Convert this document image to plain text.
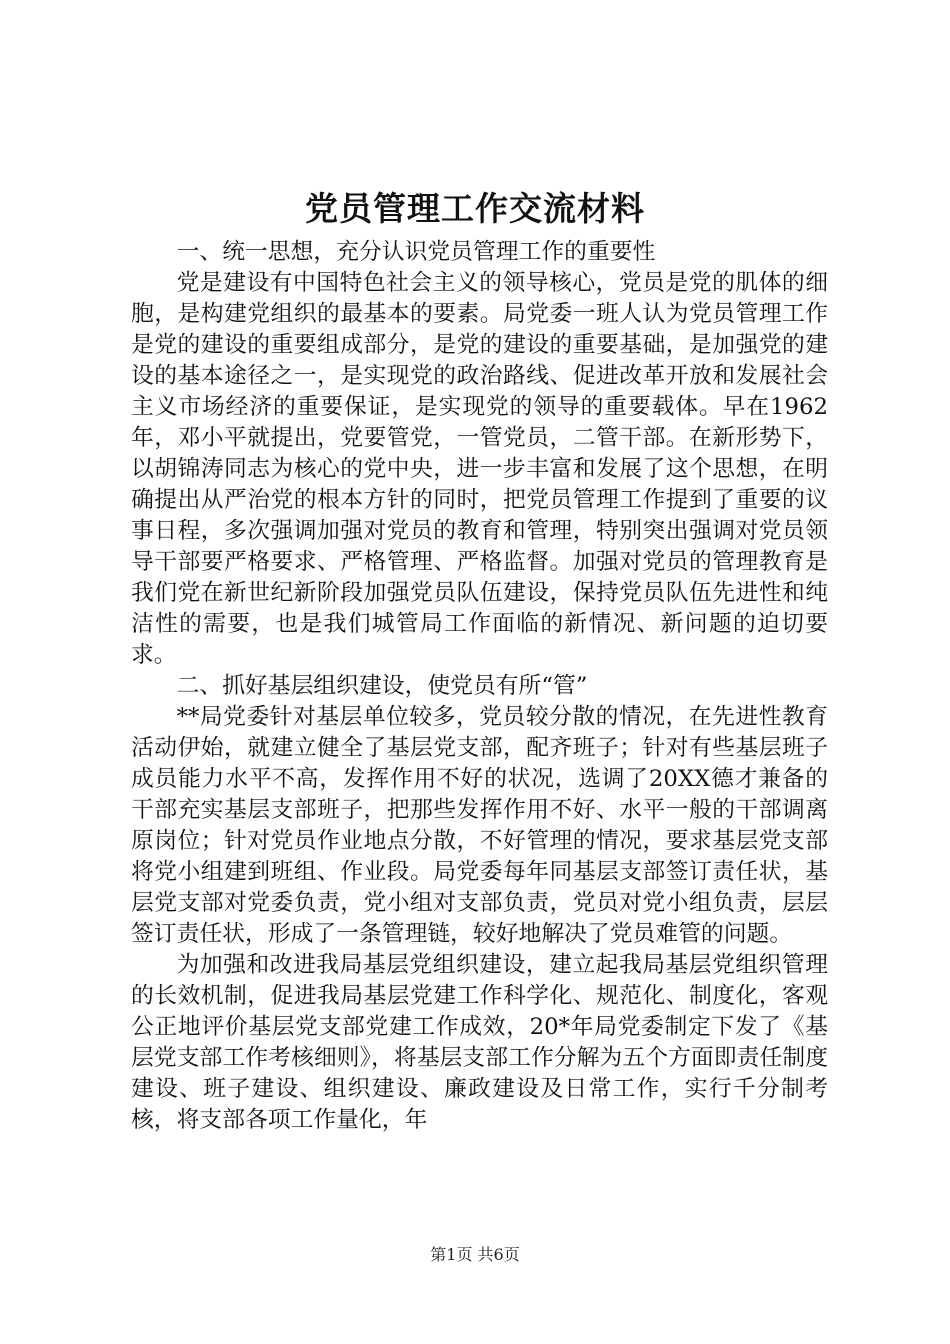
党员管理工作交流材料

一、统一思想，充分认识党员管理工作的重要性

党是建设有中国特色社会主义的领导核心，党员是党的肌体的细胞，是构建党组织的最基本的要素。局党委一班人认为党员管理工作是党的建设的重要组成部分，是党的建设的重要基础，是加强党的建设的基本途径之一，是实现党的政治路线、促进改革开放和发展社会主义市场经济的重要保证，是实现党的领导的重要载体。早在1962年，邓小平就提出，党要管党，一管党员，二管干部。在新形势下，以胡锦涛同志为核心的党中央，进一步丰富和发展了这个思想，在明确提出从严治党的根本方针的同时，把党员管理工作提到了重要的议事日程，多次强调加强对党员的教育和管理，特别突出强调对党员领导干部要严格要求、严格管理、严格监督。加强对党员的管理教育是我们党在新世纪新阶段加强党员队伍建设，保持党员队伍先进性和纯洁性的需要，也是我们城管局工作面临的新情况、新问题的迫切要求。

二、抓好基层组织建设，使党员有所“管”

**局党委针对基层单位较多，党员较分散的情况，在先进性教育活动伊始，就建立健全了基层党支部，配齐班子；针对有些基层班子成员能力水平不高，发挥作用不好的状况，选调了20XX德才兼备的干部充实基层支部班子，把那些发挥作用不好、水平一般的干部调离原岗位；针对党员作业地点分散，不好管理的情况，要求基层党支部将党小组建到班组、作业段。局党委每年同基层支部签订责任状，基层党支部对党委负责，党小组对支部负责，党员对党小组负责，层层签订责任状，形成了一条管理链，较好地解决了党员难管的问题。

为加强和改进我局基层党组织建设，建立起我局基层党组织管理的长效机制，促进我局基层党建工作科学化、规范化、制度化，客观公正地评价基层党支部党建工作成效，20*年局党委制定下发了《基层党支部工作考核细则》，将基层支部工作分解为五个方面即责任制度建设、班子建设、组织建设、廉政建设及日常工作，实行千分制考核，将支部各项工作量化，年

第1页 共6页
